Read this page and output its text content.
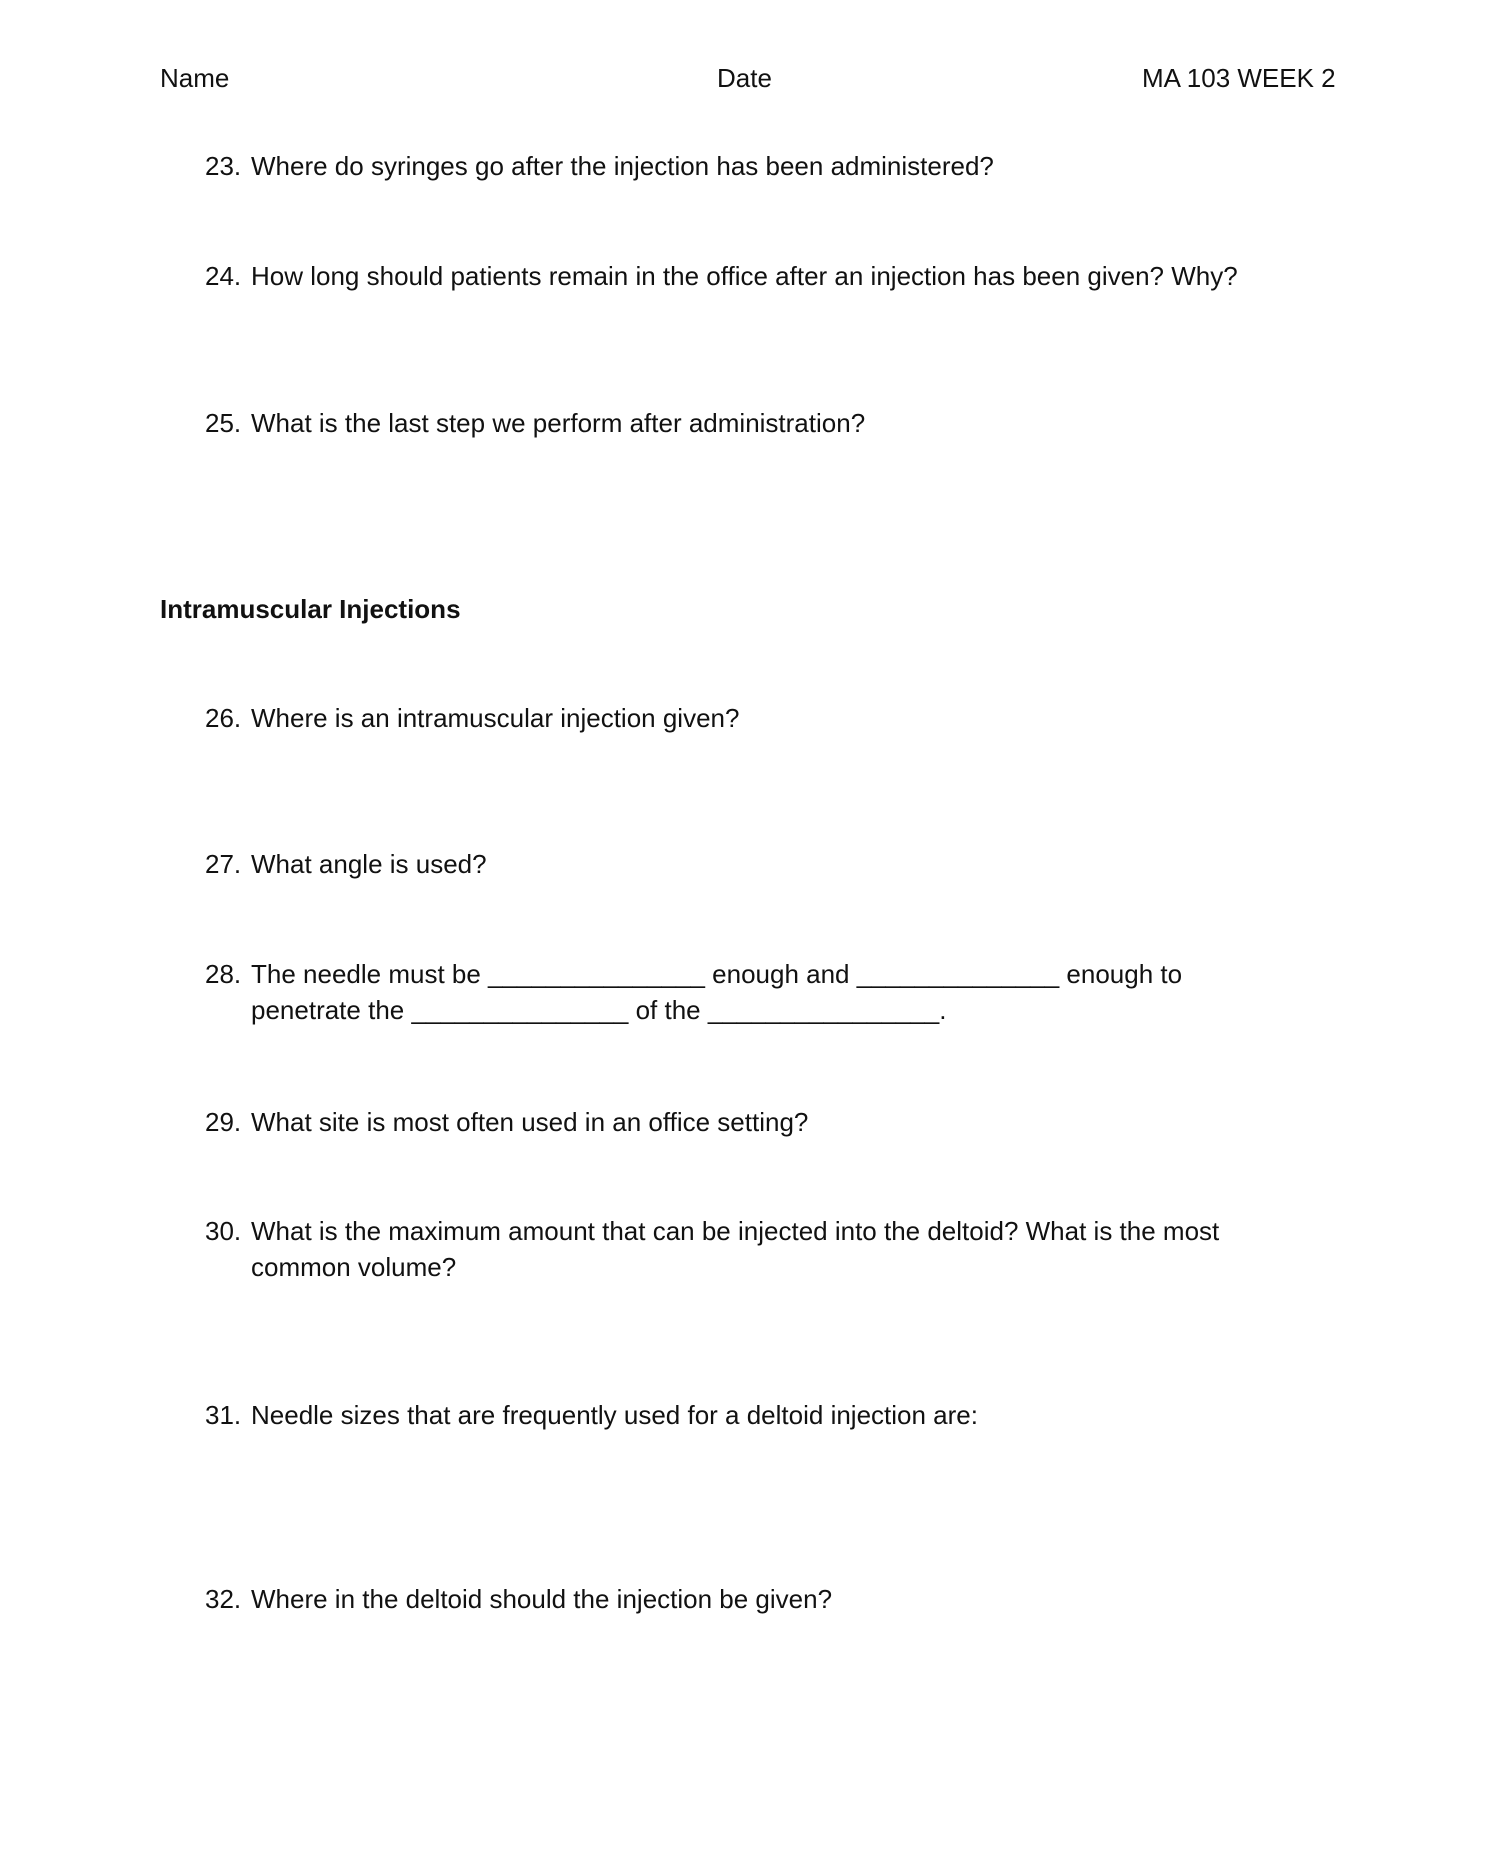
Name	Date	MA 103 WEEK 2
23. Where do syringes go after the injection has been administered?
24. How long should patients remain in the office after an injection has been given? Why?
25. What is the last step we perform after administration?
Intramuscular Injections
26. Where is an intramuscular injection given?
27. What angle is used?
28. The needle must be _______________ enough and ______________ enough to
penetrate the _______________ of the ________________.
29. What site is most often used in an office setting?
30. What is the maximum amount that can be injected into the deltoid? What is the most
common volume?
31. Needle sizes that are frequently used for a deltoid injection are:
32. Where in the deltoid should the injection be given?
